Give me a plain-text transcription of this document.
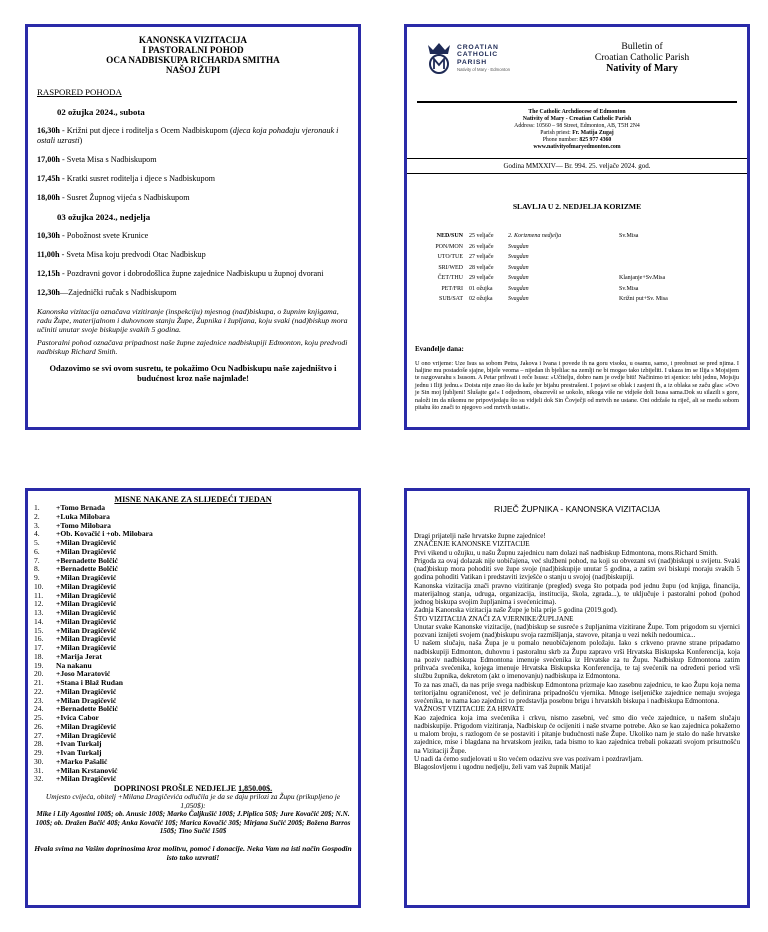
KANONSKA VIZITACIJA
I PASTORALNI POHOD
OCA NADBISKUPA RICHARDA SMITHA
NAŠOJ ŽUPI
RASPORED POHODA
02 ožujka 2024., subota
16,30h - Križni put djece i roditelja s Ocem Nadbiskupom (djeca koja pohađaju vjeronauk i ostali uzrasti)
17,00h - Sveta Misa s Nadbiskupom
17,45h - Kratki susret roditelja i djece s Nadbiskupom
18,00h - Susret Župnog vijeća s Nadbiskupom
03 ožujka 2024., nedjelja
10,30h - Pobožnost svete Krunice
11,00h - Sveta Misa koju predvodi Otac Nadbiskup
12,15h - Pozdravni govor i dobrodošlica župne zajednice Nadbiskupu u župnoj dvorani
12,30h—Zajednički ručak s Nadbiskupom
Kanonska vizitacija označava vizitiranje (inspekciju) mjesnog (nad)biskupa, o župnim knjigama, radu Župe, materijalnom i duhovnom stanju Župe, Župnika i župljana, koju svaki (nad)biskup mora učiniti unutar svoje biskupije svakih 5 godina.
Pastoralni pohod označava pripadnost naše župne zajednice nadbiskupiji Edmonton, koju predvodi nadbiskup Richard Smith.
Odazovimo se svi ovom susretu, te pokažimo Ocu Nadbiskupu naše zajedništvo i budućnost kroz naše najmlađe!
CROATIAN
CATHOLIC
PARISH
Nativity of Mary · Edmonton
Bulletin of
Croatian Catholic Parish
Nativity of Mary
The Catholic Archdiocese of Edmonton
Nativity of Mary - Croatian Catholic Parish
Address: 10560 – 98 Street, Edmonton, AB, T5H 2N4
Parish priest: Fr. Matija Zugaj
Phone number: 825 977 4360
www.nativityofmaryedmonton.com
Godina MMXXIV— Br. 994. 25. veljače 2024. god.
SLAVLJA U 2. NEDJELJA KORIZME
NED/SUN	25 veljače	2. Korizmena nedjelja	Sv.Misa
PON/MON	26 veljače	Svagdan	
UTO/TUE	27 veljače	Svagdan	
SRI/WED	28 veljače	Svagdan	
ČET/THU	29 veljače	Svagdan	Klanjanje+Sv.Misa
PET/FRI	01 ožujka	Svagdan	Sv.Misa
SUB/SAT	02 ožujka	Svagdan	Križni put+Sv. Misa
Evanđelje dana:
U ono vrijeme: Uze Isus sa sobom Petra, Jakova i Ivana i povede ih na goru visoku, u osamu, samo, i preobrazi se pred njima. I haljine mu postadoše sjajne, bijele veoma – nijedan ih bjelilac na zemlji ne bi mogao tako izbijeliti. I ukaza im se Ilija s Mojsijem te razgovarahu s Isusom. A Petar prihvati i reče Isusu: »Učitelju, dobro nam je ovdje biti! Načinimo tri sjenice: tebi jednu, Mojsiju jednu i Iliji jednu.« Doista nije znao što da kaže jer bijahu prestrašeni. I pojavi se oblak i zasjeni ih, a iz oblaka se začu glas: »Ovo je Sin moj ljubljeni! Slušajte ga!« I odjednom, obazrevši se uokolo, nikoga više ne vidješe doli Isusa sama.Dok su silazili s gore, naloži im da nikomu ne pripovijedaju što su vidjeli dok Sin Čovječji od mrtvih ne ustane. Oni održaše tu riječ, ali se među sobom pitahu što znači to njegovo »od mrtvih ustati«.
MISNE NAKANE ZA SLIJEDEĆI TJEDAN
1.	+Tomo Brnada
2.	+Luka Milobara
3.	+Tomo Milobara
4.	+Ob. Kovačić i +ob. Milobara
5.	+Milan Dragičević
6.	+Milan Dragičević
7.	+Bernadette Bolčić
8.	+Bernadette Bolčić
9.	+Milan Dragičević
10.	+Milan Dragičević
11.	+Milan Dragičević
12.	+Milan Dragičević
13.	+Milan Dragičević
14.	+Milan Dragičević
15.	+Milan Dragičević
16.	+Milan Dragičević
17.	+Milan Dragičević
18.	+Marija Jerat
19.	Na nakanu
20.	+Joso Maratović
21.	+Stana i Blaž Rudan
22.	+Milan Dragičević
23.	+Milan Dragičević
24.	+Bernadette Bolčić
25.	+Ivica Cabor
26.	+Milan Dragičević
27.	+Milan Dragičević
28.	+Ivan Turkalj
29.	+Ivan Turkalj
30.	+Marko Pašalić
31.	+Milan Krstanović
32.	+Milan Dragičević
DOPRINOSI PROŠLE NEDJELJE 1,850.00$.
Umjesto cvijeća, obitelj +Milana Dragičevića odlučila je da se daju prilozi za Župu (prikupljeno je 1,050$):
Mike i Lily Agostini 100$; ob. Anusic 100$; Marko Čaljkušić 100$; J.Piplica 50$; Jure Kovačić 20$; N.N. 100$; ob. Dražen Bačić 40$; Anka Kovačić 10$; Marica Kovačić 30$; Mirjana Sučić 200$; Božena Barros 150$; Tino Sučić 150$
Hvala svima na Vašim doprinosima kroz molitvu, pomoć i donacije. Neka Vam na isti način Gospodin isto tako uzvrati!
RIJEČ ŽUPNIKA - KANONSKA VIZITACIJA

Dragi prijatelji naše hrvatske župne zajednice!

ZNAČENJE KANONSKE VIZITACIJE

Prvi vikend u ožujku, u našu Župnu zajednicu nam dolazi naš nadbiskup Edmontona, mons.Richard Smith.

Prigoda za ovaj dolazak nije uobičajena, već službeni pohod, na koji su obvezani svi (nad)biskupi u svijetu. Svaki (nad)biskup mora pohoditi sve župe svoje (nad)biskupije unutar 5 godina, a zatim svi biskupi moraju svakih 5 godina pohoditi Vatikan i predstaviti izvješće o stanju u svojoj (nad)biskupiji.

Kanonska vizitacija znači pravno vizitiranje (pregled) svega što potpada pod jednu župu (od knjiga, financija, materijalnog stanja, udruga, organizacija, institucija, škola, zgrada...), te uključuje i pastoralni pohod (pohod jednog biskupa svojim župljanima i svećenicima).

Zadnja Kanonska vizitacija naše Župe je bila prije 5 godina (2019.god).

ŠTO VIZITACIJA ZNAČI ZA VJERNIKE/ŽUPLJANE

Unutar svake Kanonske vizitacije, (nad)biskup se susreće s župljanima vizitirane Župe. Tom prigodom su vjernici pozvani iznijeti svojem (nad)biskupu svoja razmišljanja, stavove, pitanja u vezi nekih nedoumica...

U našem slučaju, naša Župa je u pomalo neuobičajenom položaju. Iako s crkveno pravne strane pripadamo nadbiskupiji Edmonton, duhovnu i pastoralnu skrb za Župu zapravo vrši Hrvatska Biskupska Konferencija, koja na poziv nadbiskupa Edmontona imenuje svećenika iz Hrvatske za tu Župu. Nadbiskup Edmontona zatim prihvaća svećenika, kojega imenuje Hrvatska Biskupska Konferencija, te taj svećenik na određeni period vrši službu župnika, dekretom (akt o imenovanju) nadbiskupa iz Edmontona.

To za nas znači, da nas prije svega nadbiskup Edmontona prizmaje kao zasebnu zajednicu, te kao Župu koja nema teritorijalnu ograničenost, već je definirana pripadnošću vjernika. Mnoge iseljeničke zajednice nemaju svojega svećenika, te nama kao zajednici to predstavlja posebnu brigu i hrvatskih biskupa i nadbiskupa Edmontona.

VAŽNOST VIZITACIJE ZA HRVATE

Kao zajednica koja ima svećenika i crkvu, nismo zasebni, već smo dio veće zajednice, u našem slučaju nadbiskupije. Prigodom vizitiranja, Nadbiskup će ocijeniti i naše stvarne potrebe. Ako se kao zajednica pokažemo u malom broju, s razlogom će se postaviti i pitanje budućnosti naše Župe. Ukoliko nam je stalo do naše hrvatske zajednice, mise i blagdana na hrvatskom jeziku, tada bismo to kao zajednica trebali pokazati svojom prisutnošću na Vizitaciji Župe.

U nadi da ćemo sudjelovati u što većem odazivu sve vas pozivam i pozdravljam.

Blagoslovljenu i ugodnu nedjelju, želi vam vaš župnik Matija!
